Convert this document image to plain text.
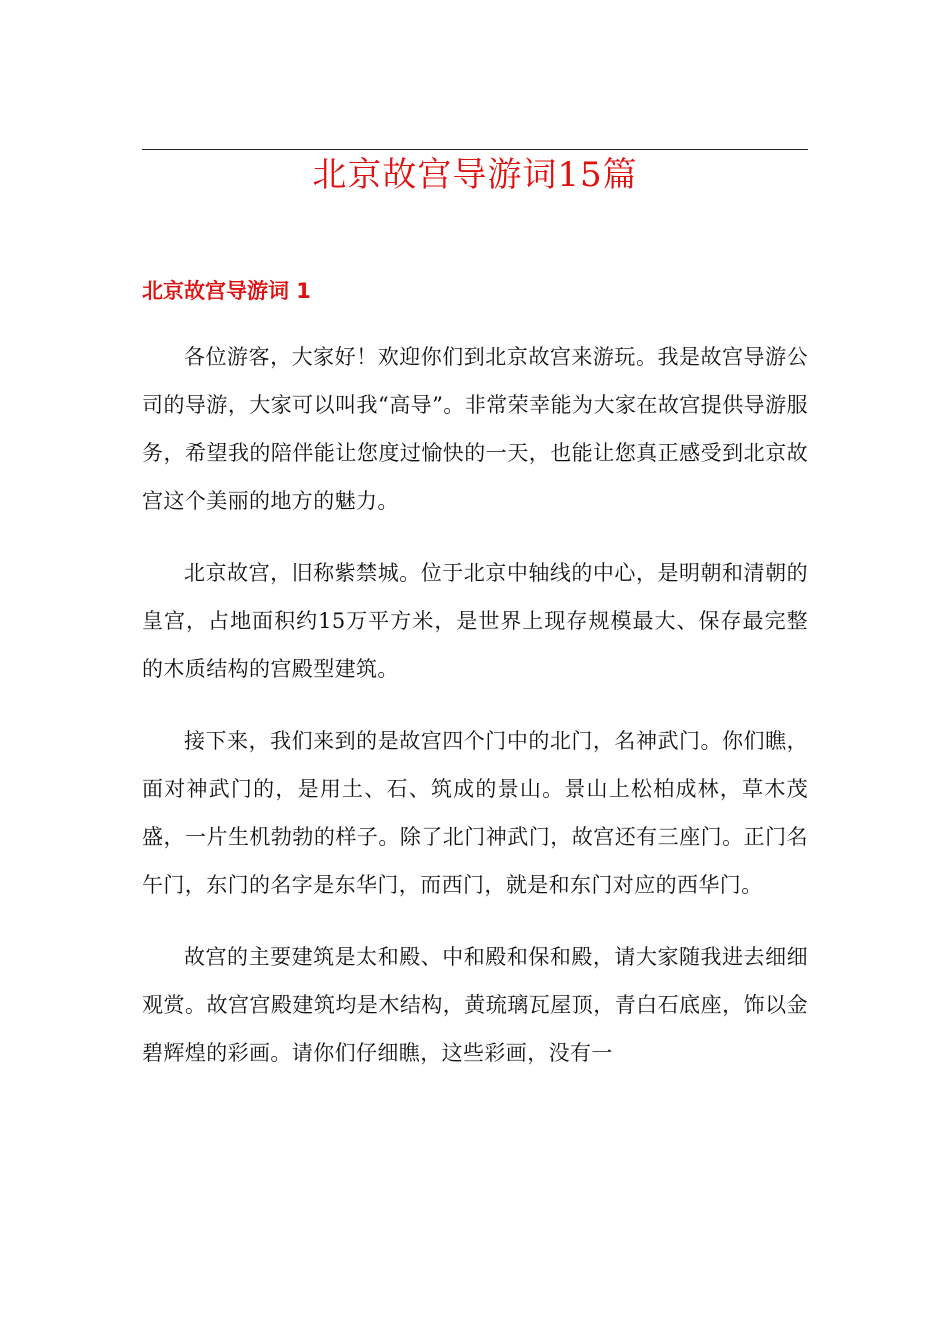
北京故宫导游词15篇
北京故宫导游词 1

各位游客，大家好！欢迎你们到北京故宫来游玩。我是故宫导游公司的导游，大家可以叫我“高导”。非常荣幸能为大家在故宫提供导游服务，希望我的陪伴能让您度过愉快的一天，也能让您真正感受到北京故宫这个美丽的地方的魅力。

北京故宫，旧称紫禁城。位于北京中轴线的中心，是明朝和清朝的皇宫，占地面积约15万平方米，是世界上现存规模最大、保存最完整的木质结构的宫殿型建筑。

接下来，我们来到的是故宫四个门中的北门，名神武门。你们瞧，面对神武门的，是用土、石、筑成的景山。景山上松柏成林，草木茂盛，一片生机勃勃的样子。除了北门神武门，故宫还有三座门。正门名午门，东门的名字是东华门，而西门，就是和东门对应的西华门。

故宫的主要建筑是太和殿、中和殿和保和殿，请大家随我进去细细观赏。故宫宫殿建筑均是木结构，黄琉璃瓦屋顶，青白石底座，饰以金碧辉煌的彩画。请你们仔细瞧，这些彩画，没有一
